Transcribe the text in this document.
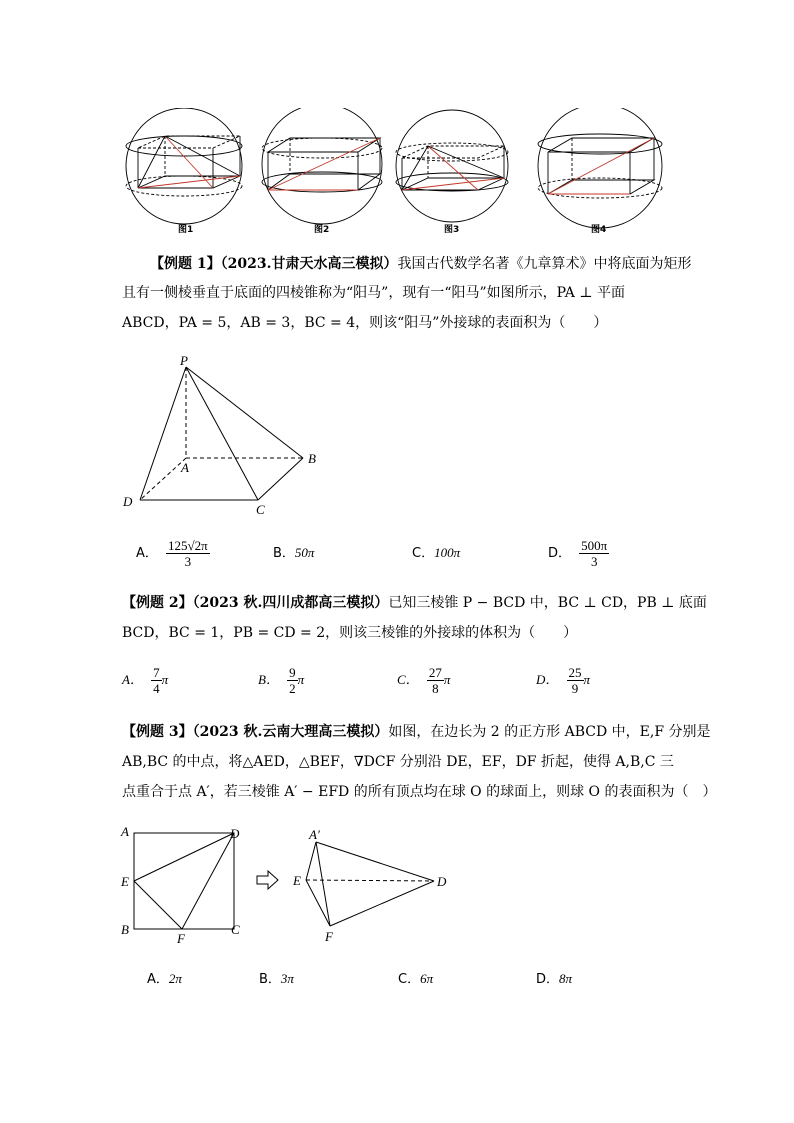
图1	图2	图3	图4
【例题 1】（2023.甘肃天水高三模拟）我国古代数学名著《九章算术》中将底面为矩形
且有一侧棱垂直于底面的四棱锥称为“阳马”，现有一“阳马”如图所示，PA ⊥ 平面
ABCD，PA = 5，AB = 3，BC = 4，则该“阳马”外接球的表面积为（　　）
P
A
B
C
D
A． $\frac{125√2\pi}{3}$	B．50π	C．100π	D． $\frac{500\pi}{3}$
【例题 2】（2023 秋.四川成都高三模拟）已知三棱锥 P − BCD 中，BC ⊥ CD，PB ⊥ 底面
BCD，BC = 1，PB = CD = 2，则该三棱锥的外接球的体积为（　　）
A． $\frac{7}{4}$ π	B． $\frac{9}{2}$ π	C． $\frac{27}{8}$ π	D． $\frac{25}{9}$ π
【例题 3】（2023 秋.云南大理高三模拟）如图，在边长为 2 的正方形 ABCD 中，E,F 分别是
AB,BC 的中点，将△AED，△BEF，∇DCF 分别沿 DE，EF，DF 折起，使得 A,B,C 三
点重合于点 A′，若三棱锥 A′ − EFD 的所有顶点均在球 O 的球面上，则球 O 的表面积为（　）
A	D
E
B
F
C
A′
E	D
F
A．2π	B．3π	C．6π	D．8π
